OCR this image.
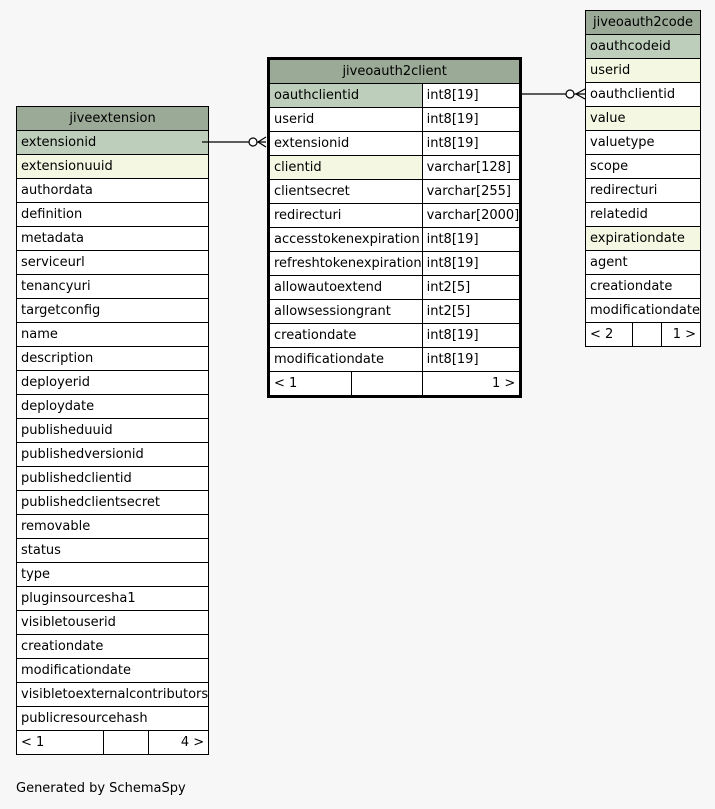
jiveextension
extensionid
extensionuuid
authordata
definition
metadata
serviceurl
tenancyuri
targetconfig
name
description
deployerid
deploydate
publisheduuid
publishedversionid
publishedclientid
publishedclientsecret
removable
status
type
pluginsourcesha1
visibletouserid
creationdate
modificationdate
visibletoexternalcontributors
publicresourcehash
< 1		4 >
jiveoauth2client		
oauthclientid		int8[19]
userid		int8[19]
extensionid		int8[19]
clientid		varchar[128]
clientsecret		varchar[255]
redirecturi		varchar[2000]
accesstokenexpiration		int8[19]
refreshtokenexpiration		int8[19]
allowautoextend		int2[5]
allowsessiongrant		int2[5]
creationdate		int8[19]
modificationdate		int8[19]
< 1		1 >
jiveoauth2code
oauthcodeid
userid
oauthclientid
value
valuetype
scope
redirecturi
relatedid
expirationdate
agent
creationdate
modificationdate
< 2		1 >
Generated by SchemaSpy
